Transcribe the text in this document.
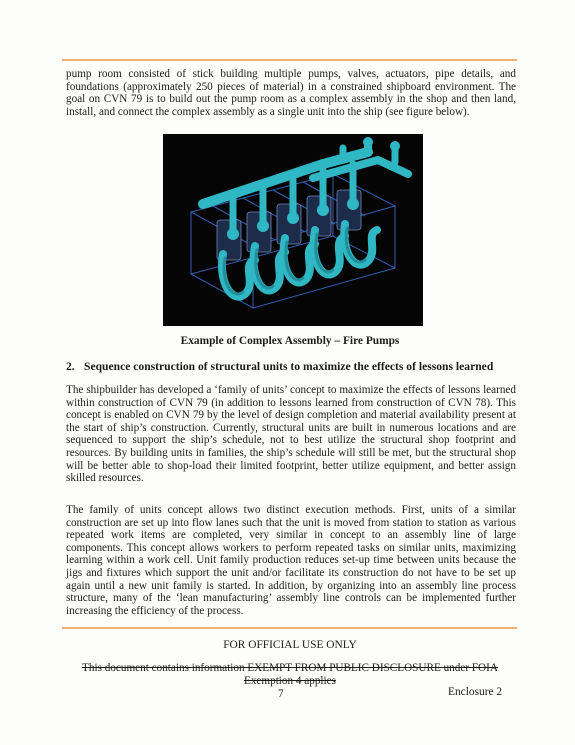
pump room consisted of stick building multiple pumps, valves, actuators, pipe details, and foundations (approximately 250 pieces of material) in a constrained shipboard environment. The goal on CVN 79 is to build out the pump room as a complex assembly in the shop and then land, install, and connect the complex assembly as a single unit into the ship (see figure below).

Example of Complex Assembly – Fire Pumps
2. Sequence construction of structural units to maximize the effects of lessons learned

The shipbuilder has developed a ‘family of units’ concept to maximize the effects of lessons learned within construction of CVN 79 (in addition to lessons learned from construction of CVN 78). This concept is enabled on CVN 79 by the level of design completion and material availability present at the start of ship’s construction. Currently, structural units are built in numerous locations and are sequenced to support the ship’s schedule, not to best utilize the structural shop footprint and resources. By building units in families, the ship’s schedule will still be met, but the structural shop will be better able to shop-load their limited footprint, better utilize equipment, and better assign skilled resources.

The family of units concept allows two distinct execution methods. First, units of a similar construction are set up into flow lanes such that the unit is moved from station to station as various repeated work items are completed, very similar in concept to an assembly line of large components. This concept allows workers to perform repeated tasks on similar units, maximizing learning within a work cell. Unit family production reduces set-up time between units because the jigs and fixtures which support the unit and/or facilitate its construction do not have to be set up again until a new unit family is started. In addition, by organizing into an assembly line process structure, many of the ‘lean manufacturing’ assembly line controls can be implemented further increasing the efficiency of the process.

FOR OFFICIAL USE ONLY
This document contains information EXEMPT FROM PUBLIC DISCLOSURE under FOIA
Exemption 4 applies
7	Enclosure 2
